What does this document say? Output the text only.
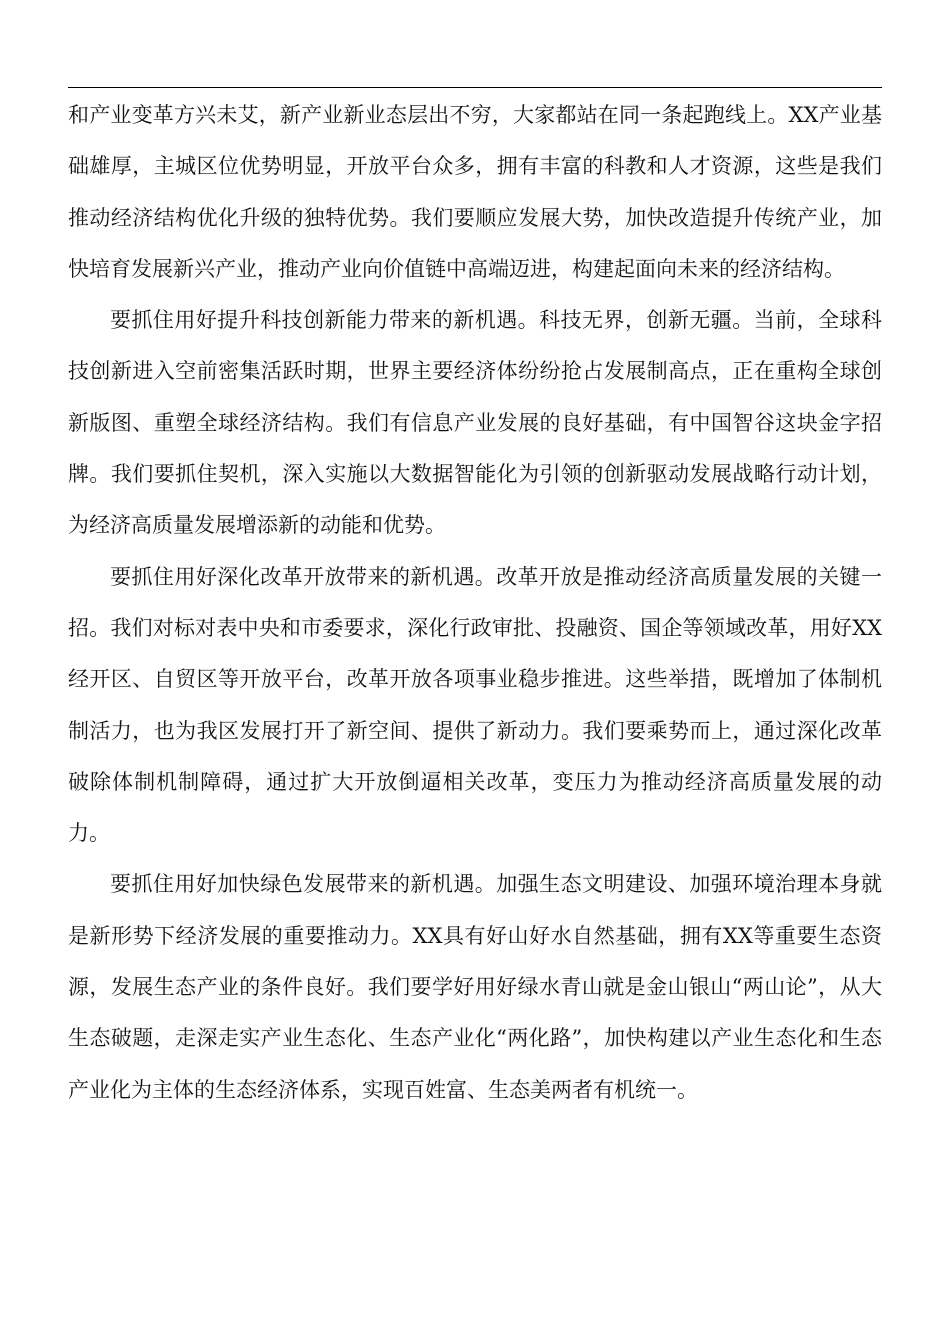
和产业变革方兴未艾，新产业新业态层出不穷，大家都站在同一条起跑线上。XX产业基础雄厚，主城区位优势明显，开放平台众多，拥有丰富的科教和人才资源，这些是我们推动经济结构优化升级的独特优势。我们要顺应发展大势，加快改造提升传统产业，加快培育发展新兴产业，推动产业向价值链中高端迈进，构建起面向未来的经济结构。

要抓住用好提升科技创新能力带来的新机遇。科技无界，创新无疆。当前，全球科技创新进入空前密集活跃时期，世界主要经济体纷纷抢占发展制高点，正在重构全球创新版图、重塑全球经济结构。我们有信息产业发展的良好基础，有中国智谷这块金字招牌。我们要抓住契机，深入实施以大数据智能化为引领的创新驱动发展战略行动计划，为经济高质量发展增添新的动能和优势。

要抓住用好深化改革开放带来的新机遇。改革开放是推动经济高质量发展的关键一招。我们对标对表中央和市委要求，深化行政审批、投融资、国企等领域改革，用好XX经开区、自贸区等开放平台，改革开放各项事业稳步推进。这些举措，既增加了体制机制活力，也为我区发展打开了新空间、提供了新动力。我们要乘势而上，通过深化改革破除体制机制障碍，通过扩大开放倒逼相关改革，变压力为推动经济高质量发展的动力。

要抓住用好加快绿色发展带来的新机遇。加强生态文明建设、加强环境治理本身就是新形势下经济发展的重要推动力。XX具有好山好水自然基础，拥有XX等重要生态资源，发展生态产业的条件良好。我们要学好用好绿水青山就是金山银山“两山论”，从大生态破题，走深走实产业生态化、生态产业化“两化路”，加快构建以产业生态化和生态产业化为主体的生态经济体系，实现百姓富、生态美两者有机统一。
